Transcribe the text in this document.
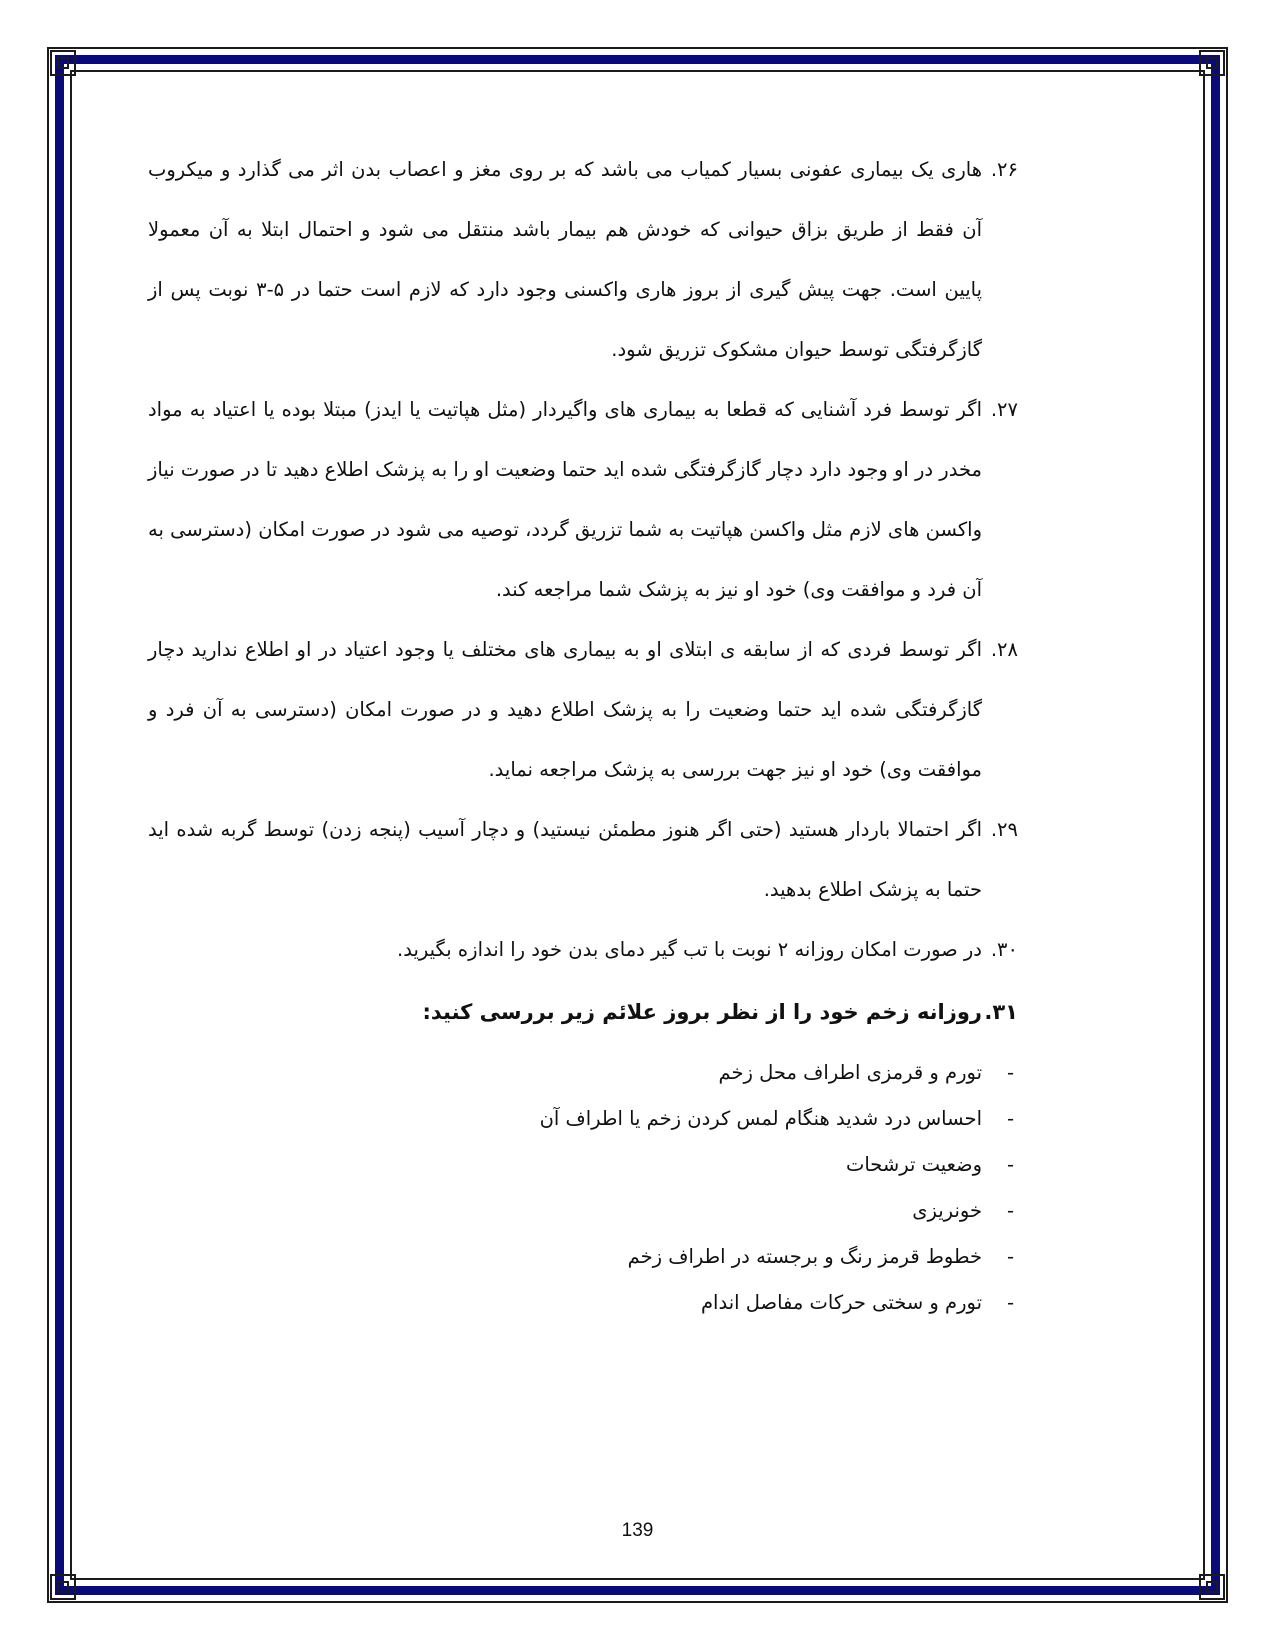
۲۶.
هاری یک بیماری عفونی بسیار کمیاب می باشد که بر روی مغز و اعصاب بدن اثر می گذارد و میکروب آن فقط از طریق بزاق حیوانی که خودش هم بیمار باشد منتقل می شود و احتمال ابتلا به آن معمولا پایین است. جهت پیش گیری از بروز هاری واکسنی وجود دارد که لازم است حتما در ۵-۳ نوبت پس از گازگرفتگی توسط حیوان مشکوک تزریق شود.
۲۷.
اگر توسط فرد آشنایی که قطعا به بیماری های واگیردار (مثل هپاتیت یا ایدز) مبتلا بوده یا اعتیاد به مواد مخدر در او وجود دارد دچار گازگرفتگی شده اید حتما وضعیت او را به پزشک اطلاع دهید تا در صورت نیاز واکسن های لازم مثل واکسن هپاتیت به شما تزریق گردد، توصیه می شود در صورت امکان (دسترسی به آن فرد و موافقت وی) خود او نیز به پزشک شما مراجعه کند.
۲۸.
اگر توسط فردی که از سابقه ی ابتلای او به بیماری های مختلف یا وجود اعتیاد در او اطلاع ندارید دچار گازگرفتگی شده اید حتما وضعیت را به پزشک اطلاع دهید و در صورت امکان (دسترسی به آن فرد و موافقت وی) خود او نیز جهت بررسی به پزشک مراجعه نماید.
۲۹.
اگر احتمالا باردار هستید (حتی اگر هنوز مطمئن نیستید) و دچار آسیب (پنجه زدن) توسط گربه شده اید حتما به پزشک اطلاع بدهید.
۳۰.
در صورت امکان روزانه ۲ نوبت با تب گیر دمای بدن خود را اندازه بگیرید.
۳۱.
روزانه زخم خود را از نظر بروز علائم زیر بررسی کنید:
-
تورم و قرمزی اطراف محل زخم
-
احساس درد شدید هنگام لمس کردن زخم یا اطراف آن
-
وضعیت ترشحات
-
خونریزی
-
خطوط قرمز رنگ و برجسته در اطراف زخم
-
تورم و سختی حرکات مفاصل اندام
139
